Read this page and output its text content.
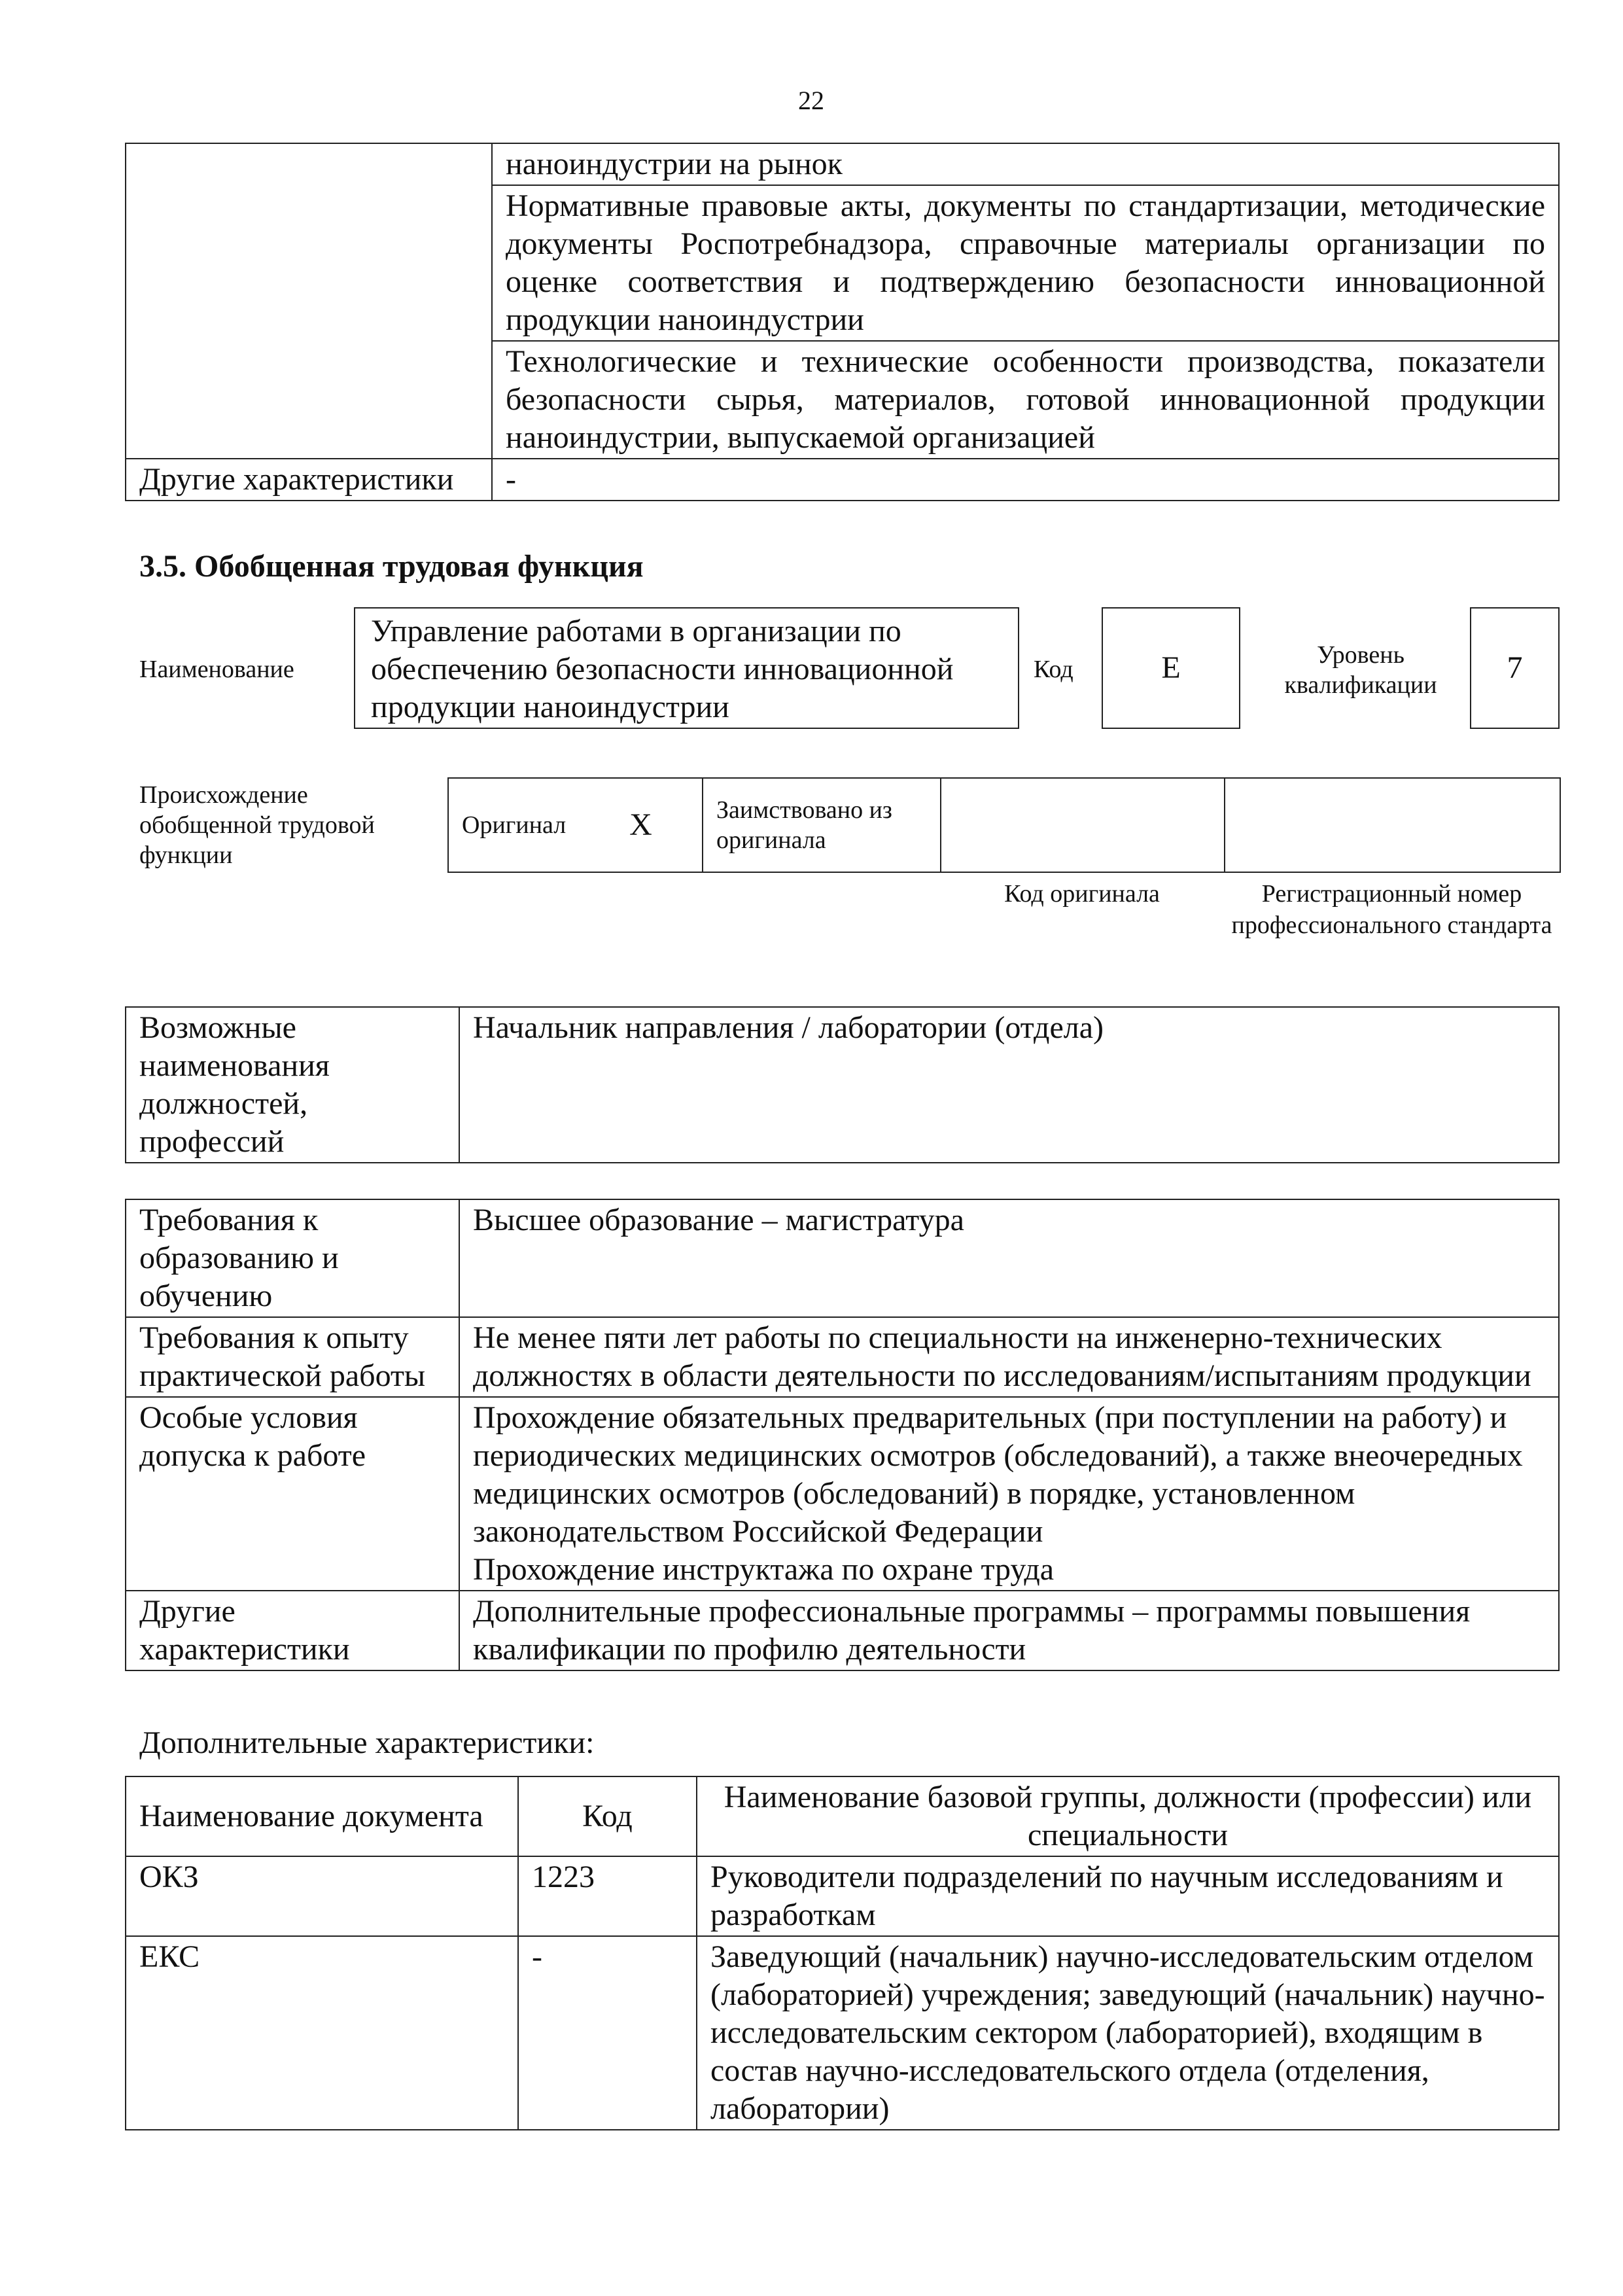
22
	наноиндустрии на рынок
	Нормативные правовые акты, документы по стандартизации, методические документы Роспотребнадзора, справочные материалы организации по оценке соответствия и подтверждению безопасности инновационной продукции наноиндустрии
	Технологические и технические особенности производства, показатели безопасности сырья, материалов, готовой инновационной продукции наноиндустрии, выпускаемой организацией
Другие характеристики	-
3.5. Обобщенная трудовая функция
Наименование
Управление работами в организации по обеспечению безопасности инновационной продукции наноиндустрии
Код	E	Уровень квалификации	7
Происхождение обобщенной трудовой функции
Оригинал	X	Заимствовано из оригинала		
Код оригинала	Регистрационный номер профессионального стандарта
Возможные наименования должностей, профессий	Начальник направления / лаборатории (отдела)
Требования к образованию и обучению	Высшее образование – магистратура
Требования к опыту практической работы	Не менее пяти лет работы по специальности на инженерно-технических должностях в области деятельности по исследованиям/испытаниям продукции
Особые условия допуска к работе	Прохождение обязательных предварительных (при поступлении на работу) и периодических медицинских осмотров (обследований), а также внеочередных медицинских осмотров (обследований) в порядке, установленном законодательством Российской Федерации
Прохождение инструктажа по охране труда

Другие характеристики	Дополнительные профессиональные программы – программы повышения квалификации по профилю деятельности
Дополнительные характеристики:
Наименование документа	Код	Наименование базовой группы, должности (профессии) или специальности
ОКЗ	1223	Руководители подразделений по научным исследованиям и разработкам
ЕКС	-	Заведующий (начальник) научно-исследовательским отделом (лабораторией) учреждения; заведующий (начальник) научно-исследовательским сектором (лабораторией), входящим в состав научно-исследовательского отдела (отделения, лаборатории)
